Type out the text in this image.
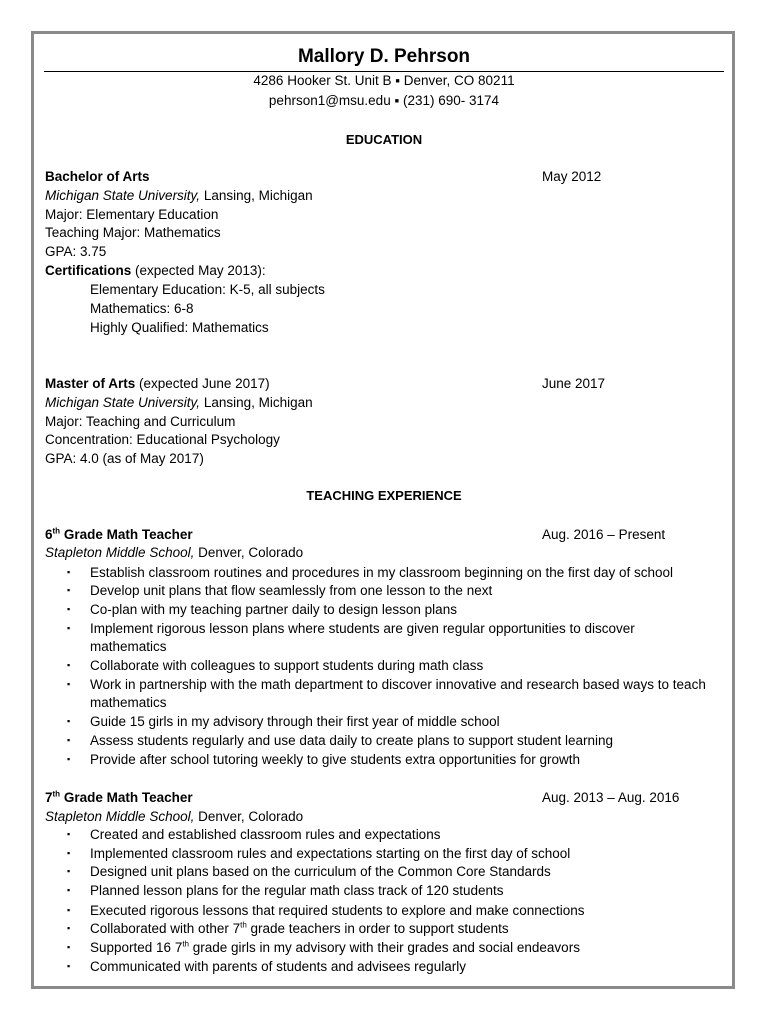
Mallory D. Pehrson
4286 Hooker St. Unit B ▪ Denver, CO 80211
pehrson1@msu.edu ▪ (231) 690- 3174
EDUCATION
Bachelor of Arts	May 2012
Michigan State University, Lansing, Michigan
Major: Elementary Education
Teaching Major: Mathematics
GPA: 3.75
Certifications (expected May 2013):
Elementary Education: K-5, all subjects
Mathematics: 6-8
Highly Qualified: Mathematics
Master of Arts (expected June 2017)	June 2017
Michigan State University, Lansing, Michigan
Major: Teaching and Curriculum
Concentration: Educational Psychology
GPA: 4.0 (as of May 2017)
TEACHING EXPERIENCE
6th Grade Math Teacher	Aug. 2016 – Present
Stapleton Middle School, Denver, Colorado
▪ Establish classroom routines and procedures in my classroom beginning on the first day of school
▪ Develop unit plans that flow seamlessly from one lesson to the next
▪ Co-plan with my teaching partner daily to design lesson plans
▪ Implement rigorous lesson plans where students are given regular opportunities to discover
mathematics
▪ Collaborate with colleagues to support students during math class
▪ Work in partnership with the math department to discover innovative and research based ways to teach
mathematics
▪ Guide 15 girls in my advisory through their first year of middle school
▪ Assess students regularly and use data daily to create plans to support student learning
▪ Provide after school tutoring weekly to give students extra opportunities for growth
7th Grade Math Teacher	Aug. 2013 – Aug. 2016
Stapleton Middle School, Denver, Colorado
▪ Created and established classroom rules and expectations
▪ Implemented classroom rules and expectations starting on the first day of school
▪ Designed unit plans based on the curriculum of the Common Core Standards
▪ Planned lesson plans for the regular math class track of 120 students
▪ Executed rigorous lessons that required students to explore and make connections
▪ Collaborated with other 7th grade teachers in order to support students
▪ Supported 16 7th grade girls in my advisory with their grades and social endeavors
▪ Communicated with parents of students and advisees regularly
